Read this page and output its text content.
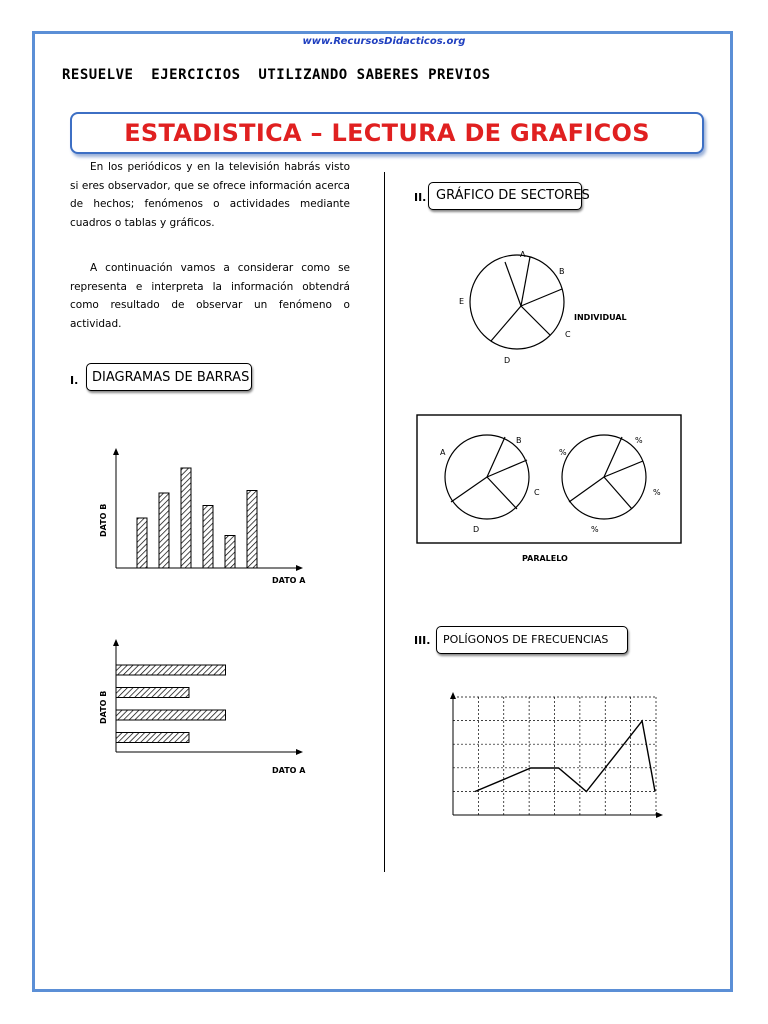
www.RecursosDidacticos.org
RESUELVE  EJERCICIOS  UTILIZANDO SABERES PREVIOS
ESTADISTICA – LECTURA DE GRAFICOS

En los periódicos y en la televisión habrás visto si eres observador, que se ofrece información acerca de hechos; fenómenos o actividades mediante cuadros o tablas y gráficos.

A continuación vamos a considerar como se representa e interpreta la información obtendrá como resultado de observar un fenómeno o actividad.

I. DIAGRAMAS DE BARRAS
DATO A
DATO B
DATO A
DATO B
II. GRÁFICO DE SECTORES
A
B
C
D
E
INDIVIDUAL
A
B
C
D
%
%
%
%
PARALELO
III. POLÍGONOS DE FRECUENCIAS
